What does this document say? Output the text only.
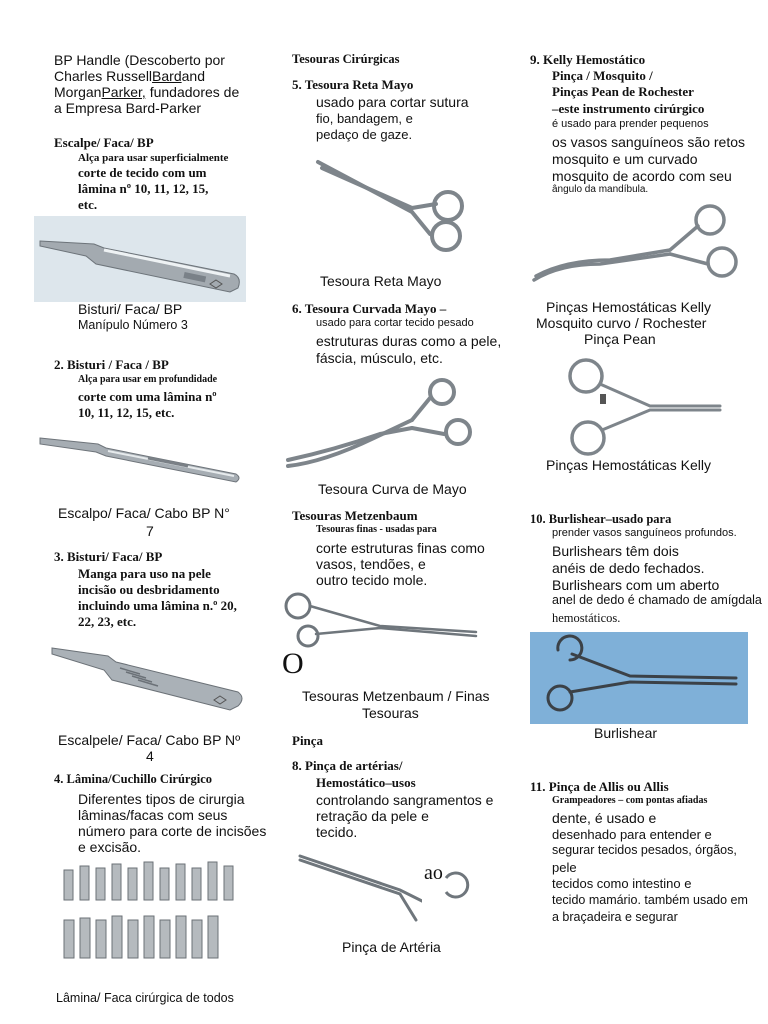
BP Handle (Descoberto por
Charles RussellBardand
MorganParker, fundadores de
a Empresa Bard-Parker
Escalpe/ Faca/ BP
Alça para usar superficialmente
corte de tecido com um
lâmina nº 10, 11, 12, 15,
etc.
Bisturi/ Faca/ BP
Manípulo Número 3
2. Bisturi / Faca / BP
Alça para usar em profundidade
corte com uma lâmina nº
10, 11, 12, 15, etc.
Escalpo/ Faca/ Cabo BP N°
7
3. Bisturi/ Faca/ BP
Manga para uso na pele
incisão ou desbridamento
incluindo uma lâmina n.º 20,
22, 23, etc.
Escalpele/ Faca/ Cabo BP Nº
4
4. Lâmina/Cuchillo Cirúrgico
Diferentes tipos de cirurgia
lâminas/facas com seus
número para corte de incisões
e excisão.
Lâmina/ Faca cirúrgica de todos
Tesouras Cirúrgicas
5. Tesoura Reta Mayo
usado para cortar sutura
fio, bandagem, e
pedaço de gaze.
Tesoura Reta Mayo
6. Tesoura Curvada Mayo –
usado para cortar tecido pesado
estruturas duras como a pele,
fáscia, músculo, etc.
Tesoura Curva de Mayo
Tesouras Metzenbaum
Tesouras finas - usadas para
corte estruturas finas como
vasos, tendões, e
outro tecido mole.
O
Tesouras Metzenbaum / Finas
Tesouras
Pinça
8. Pinça de artérias/
Hemostático–usos
controlando sangramentos e
retração da pele e
tecido.
ao
Pinça de Artéria
9. Kelly Hemostático
Pinça / Mosquito /
Pinças Pean de Rochester
–este instrumento cirúrgico
é usado para prender pequenos
os vasos sanguíneos são retos
mosquito e um curvado
mosquito de acordo com seu
ângulo da mandíbula.
Pinças Hemostáticas Kelly
Mosquito curvo / Rochester
Pinça Pean
Pinças Hemostáticas Kelly
10. Burlishear–usado para
prender vasos sanguíneos profundos.
Burlishears têm dois
anéis de dedo fechados.
Burlishears com um aberto
anel de dedo é chamado de amígdala
hemostáticos.
Burlishear
11. Pinça de Allis ou Allis
Grampeadores – com pontas afiadas
dente, é usado e
desenhado para entender e
segurar tecidos pesados, órgãos,
pele
tecidos como intestino e
tecido mamário. também usado em
a braçadeira e segurar
